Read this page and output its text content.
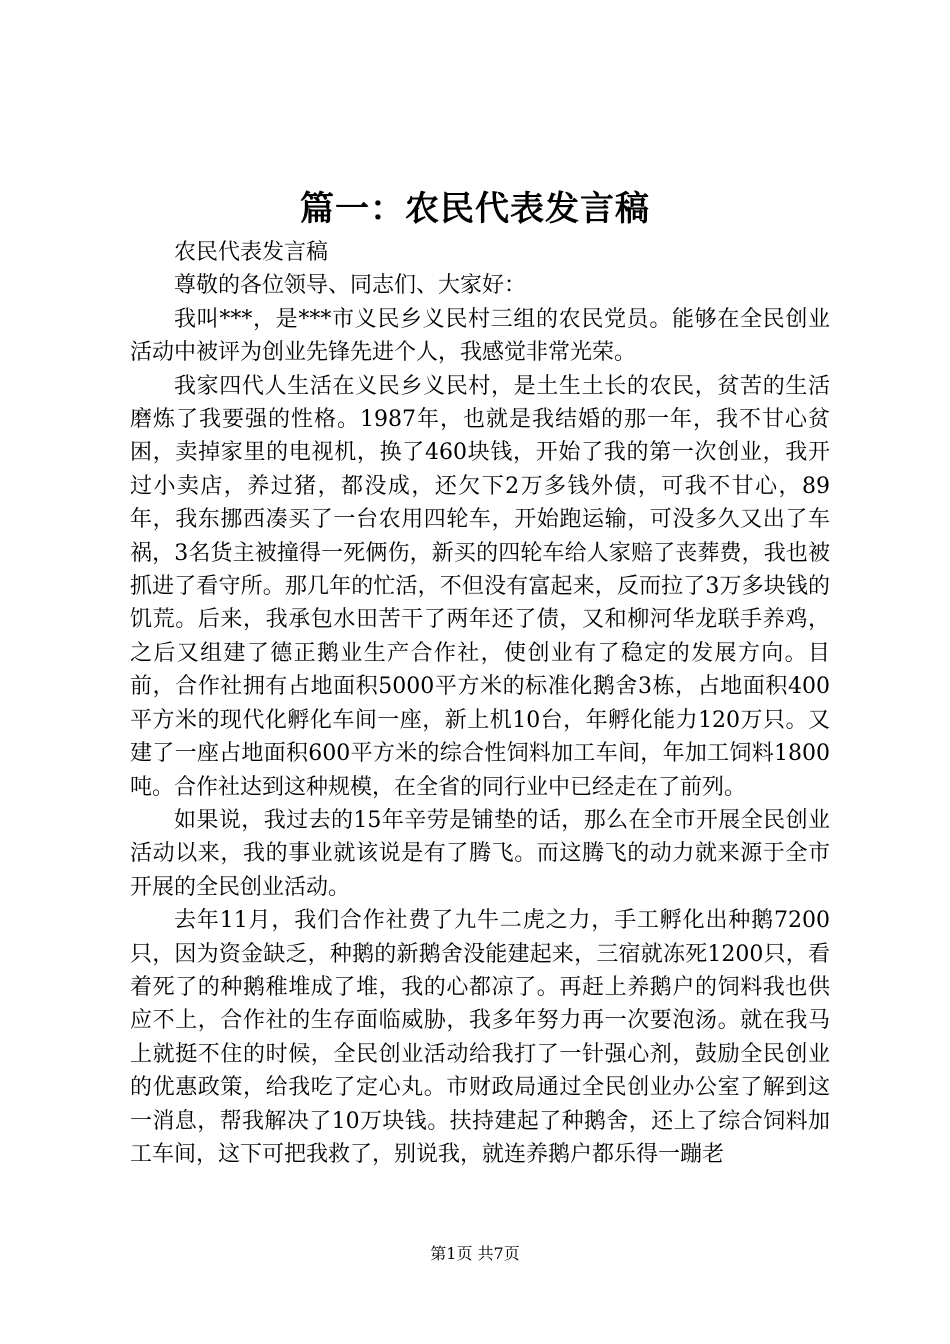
篇一：农民代表发言稿

农民代表发言稿

尊敬的各位领导、同志们、大家好：

我叫***，是***市义民乡义民村三组的农民党员。能够在全民创业活动中被评为创业先锋先进个人，我感觉非常光荣。

我家四代人生活在义民乡义民村，是土生土长的农民，贫苦的生活磨炼了我要强的性格。1987年，也就是我结婚的那一年，我不甘心贫困，卖掉家里的电视机，换了460块钱，开始了我的第一次创业，我开过小卖店，养过猪，都没成，还欠下2万多钱外债，可我不甘心，89年，我东挪西凑买了一台农用四轮车，开始跑运输，可没多久又出了车祸，3名货主被撞得一死俩伤，新买的四轮车给人家赔了丧葬费，我也被抓进了看守所。那几年的忙活，不但没有富起来，反而拉了3万多块钱的饥荒。后来，我承包水田苦干了两年还了债，又和柳河华龙联手养鸡，之后又组建了德正鹅业生产合作社，使创业有了稳定的发展方向。目前，合作社拥有占地面积5000平方米的标准化鹅舍3栋，占地面积400平方米的现代化孵化车间一座，新上机10台，年孵化能力120万只。又建了一座占地面积600平方米的综合性饲料加工车间，年加工饲料1800吨。合作社达到这种规模，在全省的同行业中已经走在了前列。

如果说，我过去的15年辛劳是铺垫的话，那么在全市开展全民创业活动以来，我的事业就该说是有了腾飞。而这腾飞的动力就来源于全市开展的全民创业活动。

去年11月，我们合作社费了九牛二虎之力，手工孵化出种鹅7200只，因为资金缺乏，种鹅的新鹅舍没能建起来，三宿就冻死1200只，看着死了的种鹅稚堆成了堆，我的心都凉了。再赶上养鹅户的饲料我也供应不上，合作社的生存面临威胁，我多年努力再一次要泡汤。就在我马上就挺不住的时候，全民创业活动给我打了一针强心剂，鼓励全民创业的优惠政策，给我吃了定心丸。市财政局通过全民创业办公室了解到这一消息，帮我解决了10万块钱。扶持建起了种鹅舍，还上了综合饲料加工车间，这下可把我救了，别说我，就连养鹅户都乐得一蹦老

第1页 共7页
